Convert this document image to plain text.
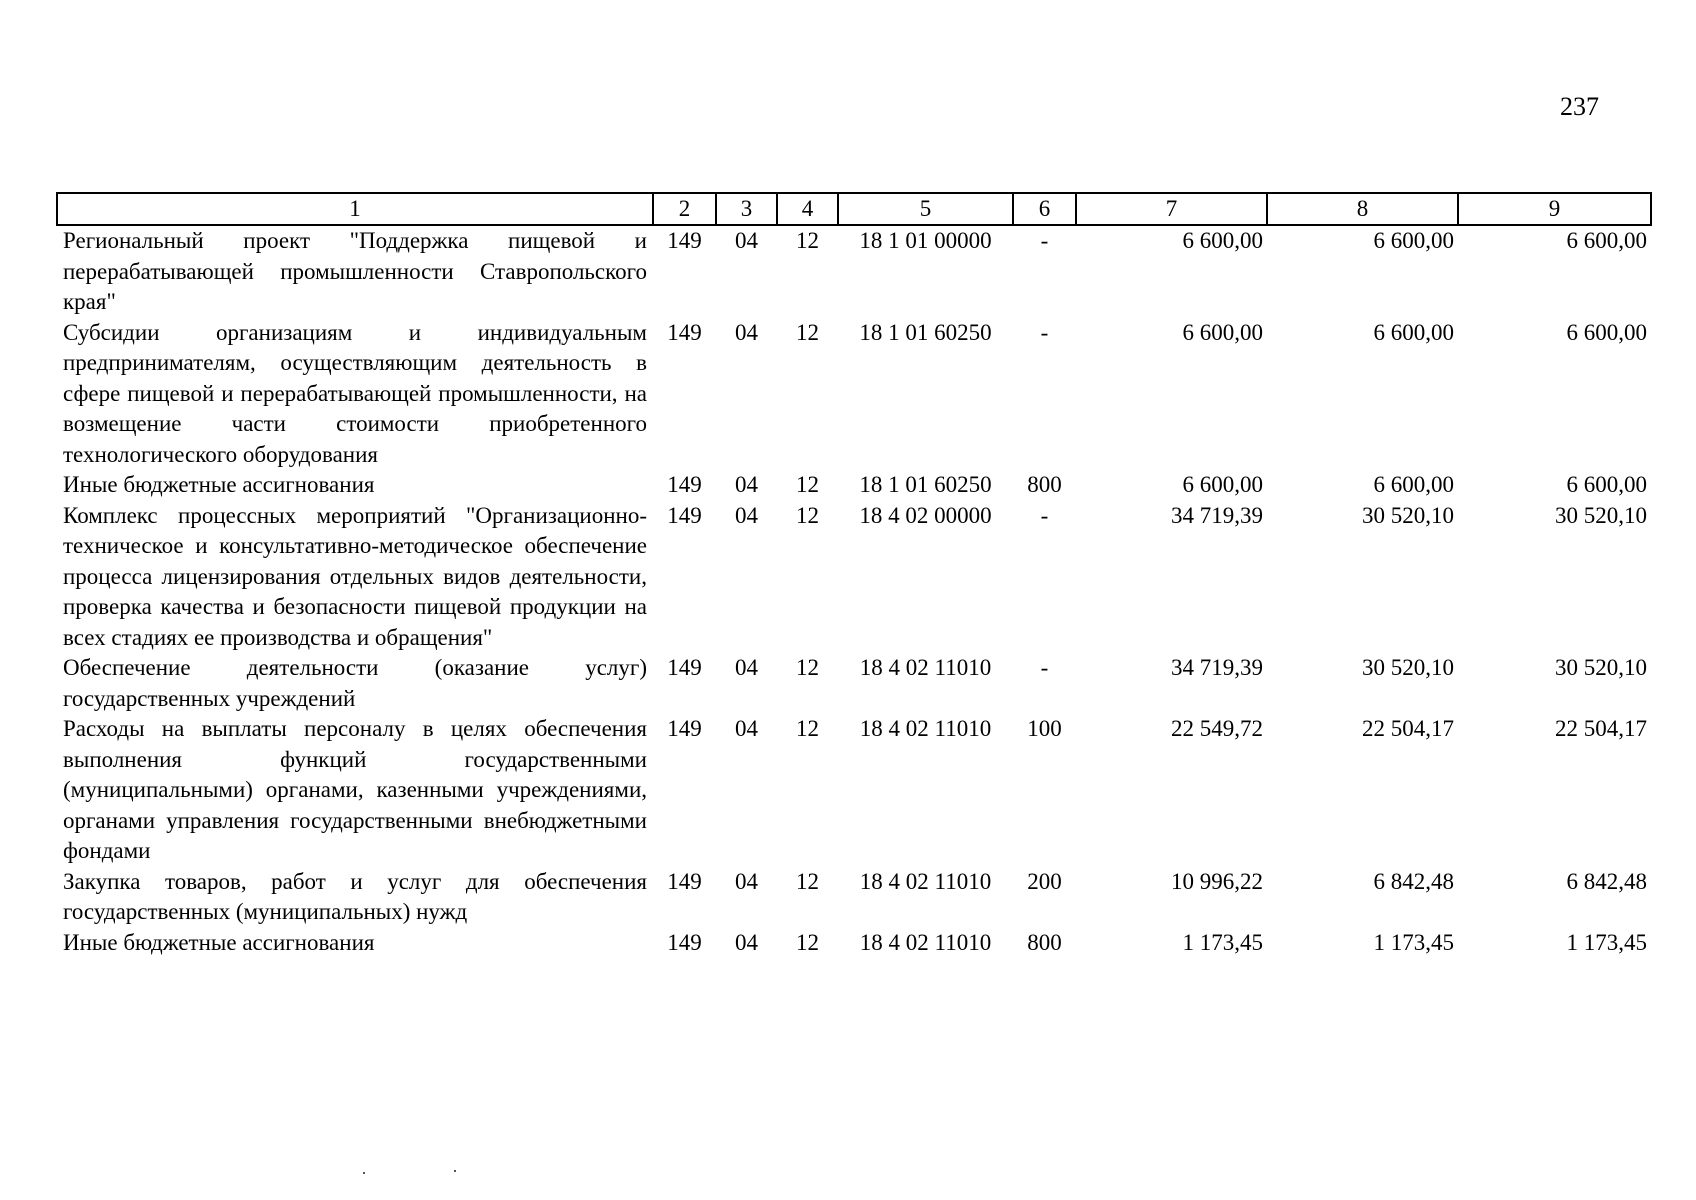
237
1	2	3	4	5	6	7	8	9
Региональный проект "Поддержка пищевой и перерабатывающей промышленности Ставропольского края"	149	04	12	18 1 01 00000	-	6 600,00	6 600,00	6 600,00
Субсидии организациям и индивидуальным предпринимателям, осуществляющим деятельность в сфере пищевой и перерабатывающей промышленности, на возмещение части стоимости приобретенного технологического оборудования	149	04	12	18 1 01 60250	-	6 600,00	6 600,00	6 600,00
Иные бюджетные ассигнования	149	04	12	18 1 01 60250	800	6 600,00	6 600,00	6 600,00
Комплекс процессных мероприятий "Организационно-техническое и консультативно-методическое обеспечение процесса лицензирования отдельных видов деятельности, проверка качества и безопасности пищевой продукции на всех стадиях ее производства и обращения"	149	04	12	18 4 02 00000	-	34 719,39	30 520,10	30 520,10
Обеспечение деятельности (оказание услуг) государственных учреждений	149	04	12	18 4 02 11010	-	34 719,39	30 520,10	30 520,10
Расходы на выплаты персоналу в целях обеспечения выполнения функций государственными (муниципальными) органами, казенными учреждениями, органами управления государственными внебюджетными фондами	149	04	12	18 4 02 11010	100	22 549,72	22 504,17	22 504,17
Закупка товаров, работ и услуг для обеспечения государственных (муниципальных) нужд	149	04	12	18 4 02 11010	200	10 996,22	6 842,48	6 842,48
Иные бюджетные ассигнования	149	04	12	18 4 02 11010	800	1 173,45	1 173,45	1 173,45
